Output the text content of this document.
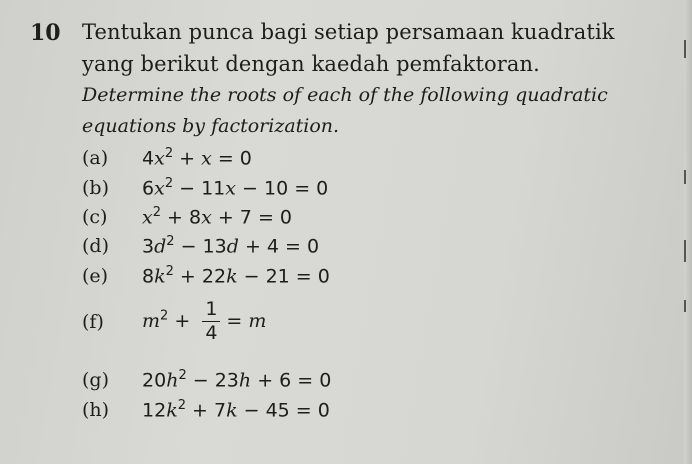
10 Tentukan punca bagi setiap persamaan kuadratik
yang berikut dengan kaedah pemfaktoran.
Determine the roots of each of the following quadratic
equations by factorization.
(a)	$4x^2 + x = 0$
(b)	$6x^2 - 11x - 10 = 0$
(c)	$x^2 + 8x + 7 = 0$
(d)	$3d^2 - 13d + 4 = 0$
(e)	$8k^2 + 22k - 21 = 0$
(f)	$m^2 + \frac{1}{4} = m$
(g)	$20h^2 - 23h + 6 = 0$
(h)	$12k^2 + 7k - 45 = 0$
